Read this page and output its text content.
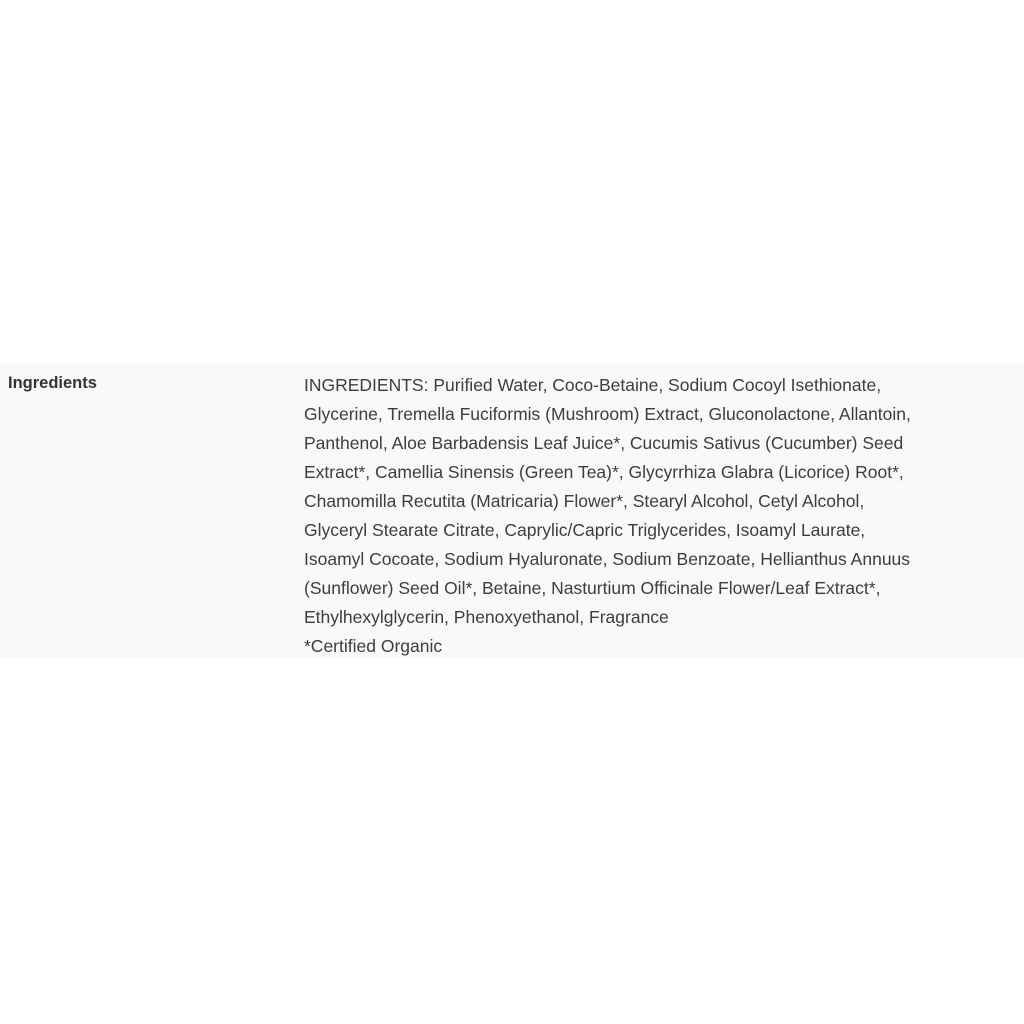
Ingredients	INGREDIENTS: Purified Water, Coco-Betaine, Sodium Cocoyl Isethionate,
Glycerine, Tremella Fuciformis (Mushroom) Extract, Gluconolactone, Allantoin,
Panthenol, Aloe Barbadensis Leaf Juice*, Cucumis Sativus (Cucumber) Seed
Extract*, Camellia Sinensis (Green Tea)*, Glycyrrhiza Glabra (Licorice) Root*,
Chamomilla Recutita (Matricaria) Flower*, Stearyl Alcohol, Cetyl Alcohol,
Glyceryl Stearate Citrate, Caprylic/Capric Triglycerides, Isoamyl Laurate,
Isoamyl Cocoate, Sodium Hyaluronate, Sodium Benzoate, Hellianthus Annuus
(Sunflower) Seed Oil*, Betaine, Nasturtium Officinale Flower/Leaf Extract*,
Ethylhexylglycerin, Phenoxyethanol, Fragrance
*Certified Organic
